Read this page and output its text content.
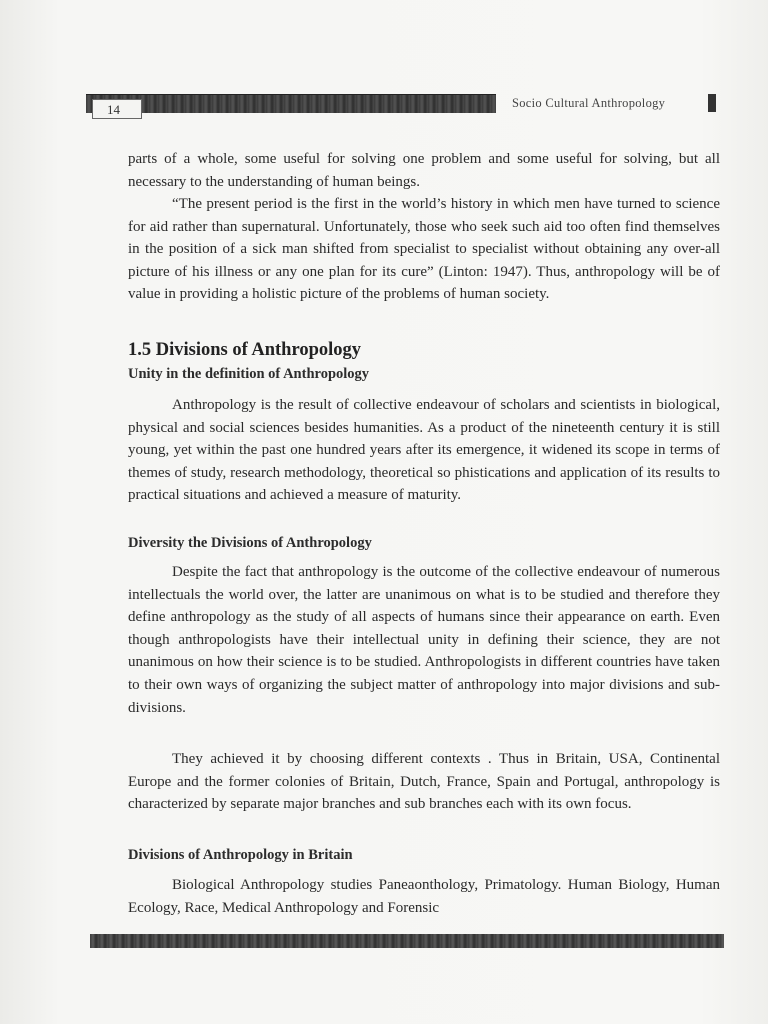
14	Socio Cultural Anthropology

parts of a whole, some useful for solving one problem and some useful for solving, but all necessary to the understanding of human beings.

“The present period is the first in the world’s history in which men have turned to science for aid rather than supernatural. Unfortunately, those who seek such aid too often find themselves in the position of a sick man shifted from specialist to specialist without obtaining any over-all picture of his illness or any one plan for its cure” (Linton: 1947). Thus, anthropology will be of value in providing a holistic picture of the problems of human society.

1.5 Divisions of Anthropology
Unity in the definition of Anthropology

Anthropology is the result of collective endeavour of scholars and scientists in biological, physical and social sciences besides humanities. As a product of the nineteenth century it is still young, yet within the past one hundred years after its emergence, it widened its scope in terms of themes of study, research methodology, theoretical so phistications and application of its results to practical situations and achieved a measure of maturity.

Diversity the Divisions of Anthropology

Despite the fact that anthropology is the outcome of the collective endeavour of numerous intellectuals the world over, the latter are unanimous on what is to be studied and therefore they define anthropology as the study of all aspects of humans since their appearance on earth. Even though anthropologists have their intellectual unity in defining their science, they are not unanimous on how their science is to be studied. Anthropologists in different countries have taken to their own ways of organizing the subject matter of anthropology into major divisions and sub-divisions.

They achieved it by choosing different contexts . Thus in Britain, USA, Continental Europe and the former colonies of Britain, Dutch, France, Spain and Portugal, anthropology is characterized by separate major branches and sub branches each with its own focus.

Divisions of Anthropology in Britain

Biological Anthropology studies Paneaonthology, Primatology. Human Biology, Human Ecology, Race, Medical Anthropology and Forensic
